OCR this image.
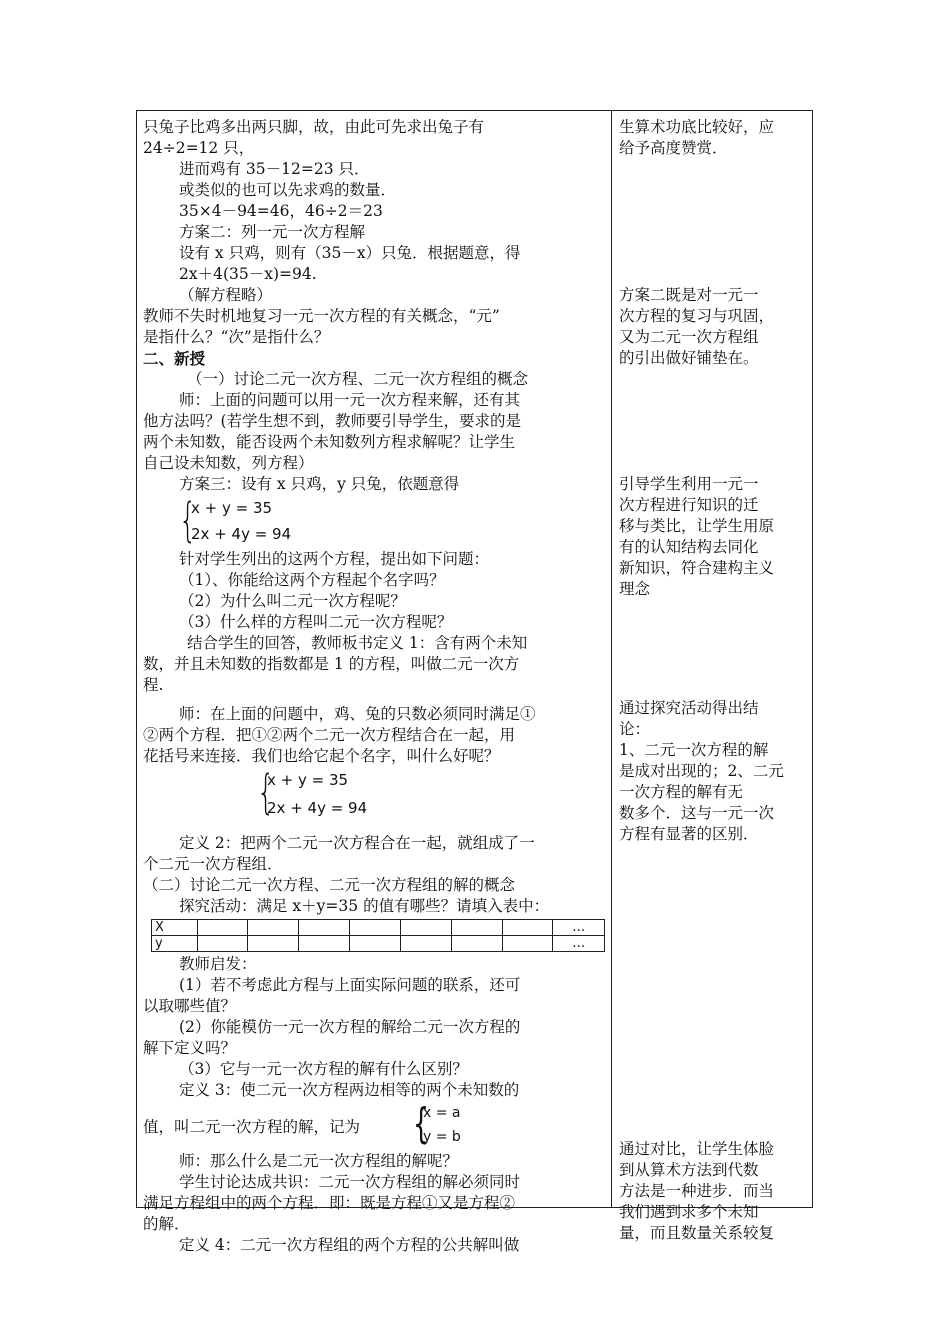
只兔子比鸡多出两只脚，故，由此可先求出兔子有
24÷2=12 只，
进而鸡有 35－12=23 只．
或类似的也可以先求鸡的数量．
35×4－94=46，46÷2＝23
方案二：列一元一次方程解
设有 x 只鸡，则有（35－x）只兔．根据题意，得
2x＋4(35－x)=94.
（解方程略）
教师不失时机地复习一元一次方程的有关概念，“元”
是指什么？“次”是指什么？
二、新授
（一）讨论二元一次方程、二元一次方程组的概念
师：上面的问题可以用一元一次方程来解，还有其
他方法吗？(若学生想不到，教师要引导学生，要求的是
两个未知数，能否设两个未知数列方程求解呢？让学生
自己设未知数，列方程）
方案三：设有 x 只鸡，y 只兔，依题意得
{
x + y = 35
2x + 4y = 94
针对学生列出的这两个方程，提出如下问题：
（1）、你能给这两个方程起个名字吗？
（2）为什么叫二元一次方程呢？
（3）什么样的方程叫二元一次方程呢？
结合学生的回答，教师板书定义 1：含有两个未知
数，并且未知数的指数都是 1 的方程，叫做二元一次方
程.
师：在上面的问题中，鸡、兔的只数必须同时满足①
②两个方程．把①②两个二元一次方程结合在一起，用
花括号来连接．我们也给它起个名字，叫什么好呢？
{
x + y = 35
2x + 4y = 94
定义 2：把两个二元一次方程合在一起，就组成了一
个二元一次方程组．
（二）讨论二元一次方程、二元一次方程组的解的概念
探究活动：满足 x＋y=35 的值有哪些？请填入表中：
X								…
y								…
教师启发：
(1）若不考虑此方程与上面实际问题的联系，还可
以取哪些值？
(2）你能模仿一元一次方程的解给二元一次方程的
解下定义吗？
（3）它与一元一次方程的解有什么区别？
定义 3：使二元一次方程两边相等的两个未知数的
值，叫二元一次方程的解，记为 {
x = a
y = b
师：那么什么是二元一次方程组的解呢？
学生讨论达成共识：二元一次方程组的解必须同时
满足方程组中的两个方程．即：既是方程①又是方程②
的解．
定义 4：二元一次方程组的两个方程的公共解叫做
生算术功底比较好，应
给予高度赞赏．
方案二既是对一元一
次方程的复习与巩固，
又为二元一次方程组
的引出做好铺垫在。
引导学生利用一元一
次方程进行知识的迁
移与类比，让学生用原
有的认知结构去同化
新知识，符合建构主义
理念
通过探究活动得出结
论：
1、二元一次方程的解
是成对出现的；2、二元
一次方程的解有无
数多个．这与一元一次
方程有显著的区别．
通过对比，让学生体脸
到从算术方法到代数
方法是一种进步．而当
我们遇到求多个未知
量，而且数量关系较复
